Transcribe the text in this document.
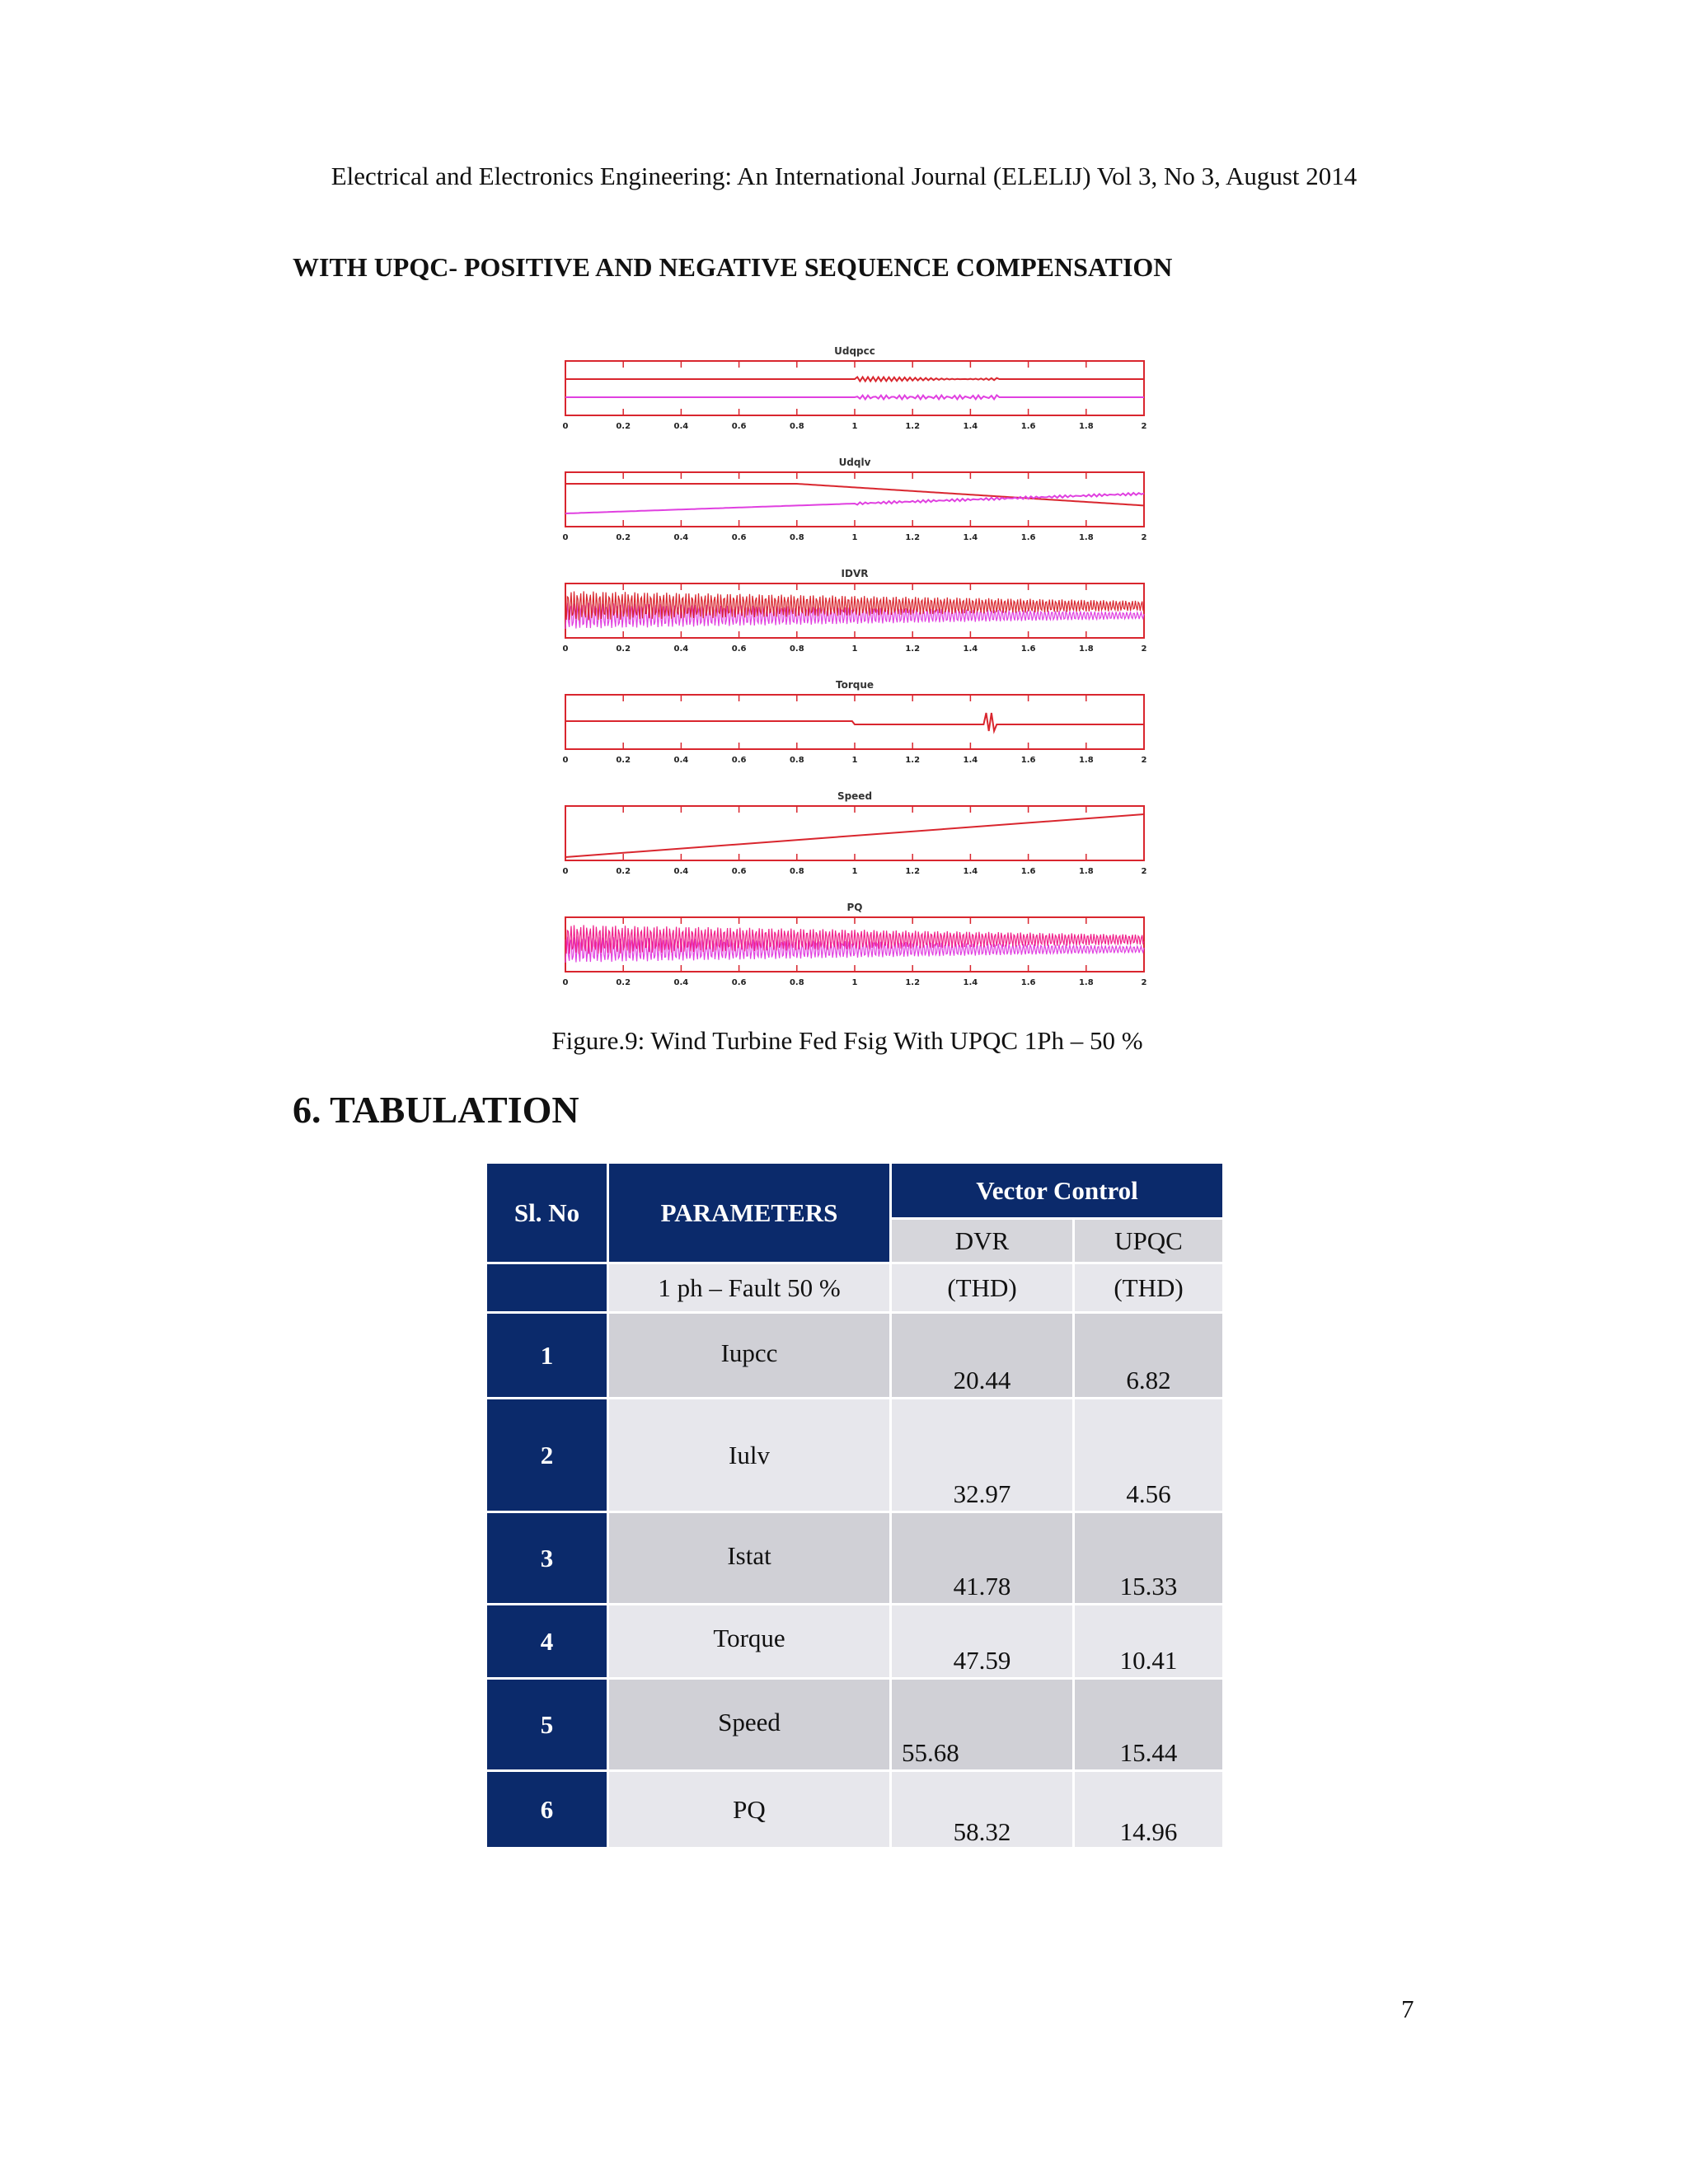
Electrical and Electronics Engineering: An International Journal (ELELIJ) Vol 3, No 3, August 2014
WITH UPQC- POSITIVE AND NEGATIVE SEQUENCE COMPENSATION
Udqpcc
0	0.2	0.4	0.6	0.8	1	1.2	1.4	1.6	1.8	2
Udqlv
0	0.2	0.4	0.6	0.8	1	1.2	1.4	1.6	1.8	2
IDVR
0	0.2	0.4	0.6	0.8	1	1.2	1.4	1.6	1.8	2
Torque
0	0.2	0.4	0.6	0.8	1	1.2	1.4	1.6	1.8	2
Speed
0	0.2	0.4	0.6	0.8	1	1.2	1.4	1.6	1.8	2
PQ
0	0.2	0.4	0.6	0.8	1	1.2	1.4	1.6	1.8	2
Figure.9: Wind Turbine Fed Fsig With UPQC 1Ph – 50 %
6. TABULATION
Sl. No	PARAMETERS	Vector Control	
		DVR	UPQC
	1 ph – Fault 50 %	(THD)	(THD)
1	Iupcc	20.44	6.82
2	Iulv	32.97	4.56
3	Istat	41.78	15.33
4	Torque	47.59	10.41
5	Speed	55.68	15.44
6	PQ	58.32	14.96
7
